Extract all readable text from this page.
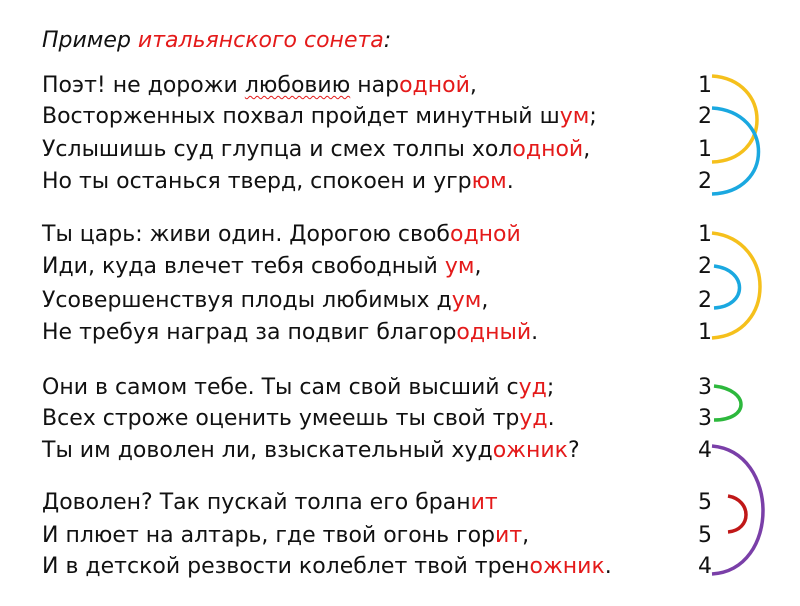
Пример итальянского сонета:
Поэт! не дорожи любовию народной,	1
Восторженных похвал пройдет минутный шум;	2
Услышишь суд глупца и смех толпы холодной,	1
Но ты останься тверд, спокоен и угрюм.	2
Ты царь: живи один. Дорогою свободной	1
Иди, куда влечет тебя свободный ум,	2
Усовершенствуя плоды любимых дум,	2
Не требуя наград за подвиг благородный.	1
Они в самом тебе. Ты сам свой высший суд;	3
Всех строже оценить умеешь ты свой труд.	3
Ты им доволен ли, взыскательный художник?	4
Доволен? Так пускай толпа его бранит	5
И плюет на алтарь, где твой огонь горит,	5
И в детской резвости колеблет твой треножник.	4
